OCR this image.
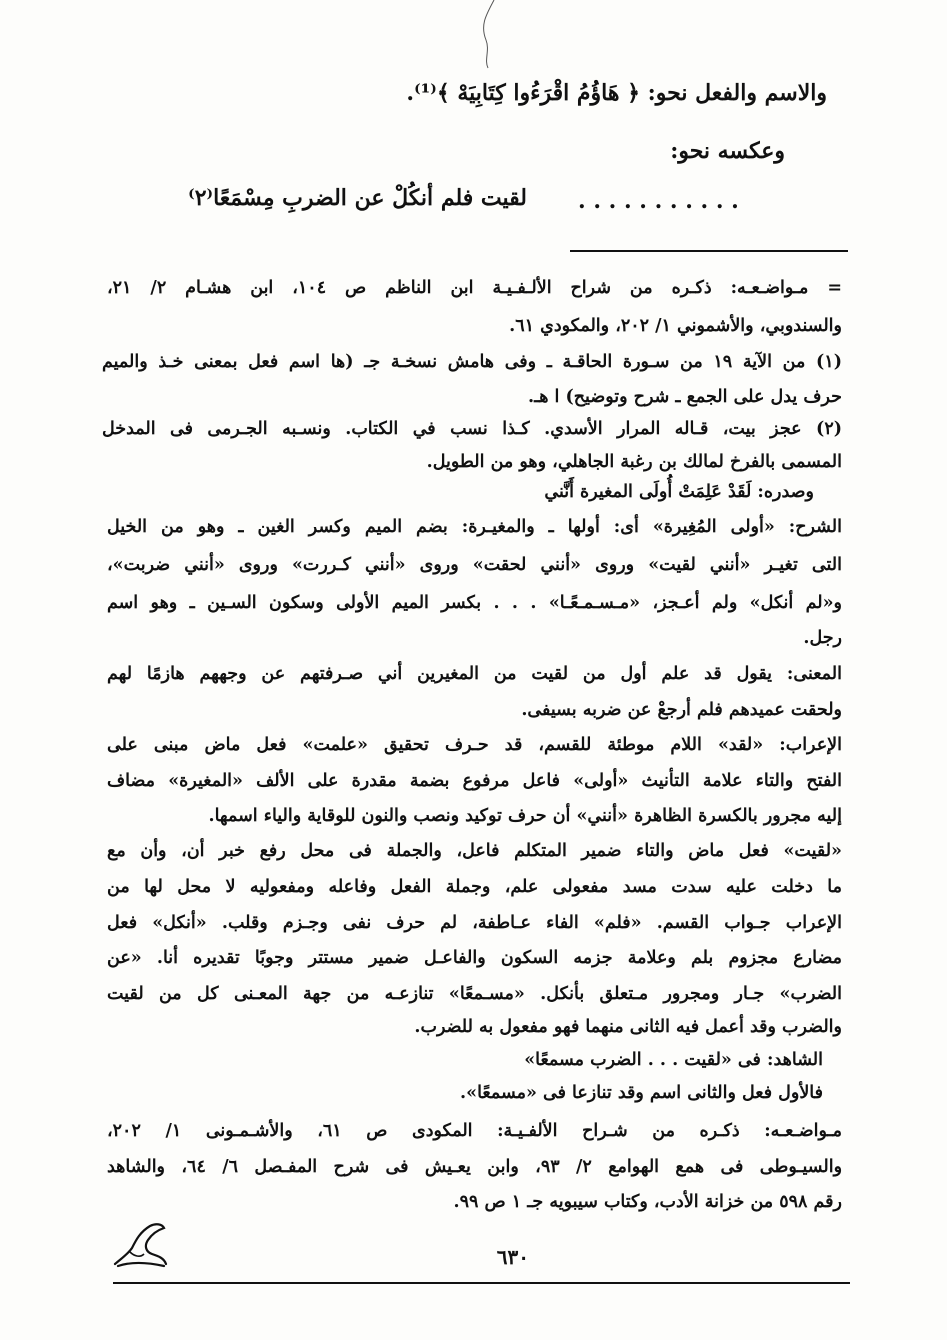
والاسم والفعل نحو: ﴿ هَاؤُمُ اقْرَءُوا كِتَابِيَهْ ﴾⁽¹⁾.
وعكسه نحو:
لقيت فلم أنكُلْ عن الضربِ مِسْمَعًا⁽٢⁾ . . . . . . . . . . .
= مـواضـعـه: ذكـره من شراح الألـفـيـة ابن الناظم ص ١٠٤، ابن هشـام ٢/ ٢١،
والسندوبي، والأشموني ١/ ٢٠٢، والمكودي ٦١.
(١) من الآية ١٩ من سـورة الحاقـة ـ وفى هامش نسخـة جـ (ها اسم فعل بمعنى خـذ والميم
حرف يدل على الجمع ـ شرح وتوضيح) ا هـ.
(٢) عجز بيت، قـاله المرار الأسدي. كـذا نسب في الكتاب. ونسـبه الجـرمى فى المدخل
المسمى بالفرخ لمالك بن رغبة الجاهلي، وهو من الطويل.
وصدره: لَقَدْ عَلِمَتْ أُولَى المغيرة أَنَّني
الشرح: «أولى المُغِيرة» أى: أولها ـ والمغيـرة: بضم الميم وكسر الغين ـ وهو من الخيل
التى تغيـر «أنني لقيت» وروى «أنني لحقت» وروى «أنني كـررت» وروى «أنني ضربت»،
و«لم أنكل» ولم أعـجز، «مـسـمـعًـا» . . . بكسر الميم الأولى وسكون السـين ـ وهو اسم
رجل.
المعنى: يقول قد علم أول من لقيت من المغيرين أني صـرفتهم عن وجههم هازمًا لهم
ولحقت عميدهم فلم أرجعْ عن ضربه بسيفى.
الإعراب: «لقد» اللام موطئة للقسم، قد حـرف تحقيق «علمت» فعل ماض مبنى على
الفتح والتاء علامة التأنيث «أولى» فاعل مرفوع بضمة مقدرة على الألف «المغيرة» مضاف
إليه مجرور بالكسرة الظاهرة «أنني» أن حرف توكيد ونصب والنون للوقاية والياء اسمها.
«لقيت» فعل ماض والتاء ضمير المتكلم فاعل، والجملة فى محل رفع خبر أن، وأن مع
ما دخلت عليه سدت مسد مفعولى علم، وجملة الفعل وفاعله ومفعوليه لا محل لها من
الإعراب جـواب القسم. «فلم» الفاء عـاطفة، لم حرف نفى وجـزم وقلب. «أنكل» فعل
مضارع مجزوم بلم وعلامة جزمه السكون والفاعـل ضمير مستتر وجوبًا تقديره أنا. «عن
الضرب» جـار ومجرور مـتعلق بأنكل. «مسـمعًا» تنازعـه من جهة المعـنى كل من لقيت
والضرب وقد أعمل فيه الثانى منهما فهو مفعول به للضرب.
الشاهد: فى «لقيت . . . الضرب مسمعًا»
فالأول فعل والثانى اسم وقد تنازعا فى «مسمعًا».
مـواضـعـه: ذكـره من شـراح الألفـيـة: المكودى ص ٦١، والأشـمـونى ١/ ٢٠٢،
والسيـوطى فى همع الهوامع ٢/ ٩٣، وابن يعـيش فى شرح المفـصل ٦/ ٦٤، والشاهد
رقم ٥٩٨ من خزانة الأدب، وكتاب سيبويه جـ ١ ص ٩٩.
٦٣٠
